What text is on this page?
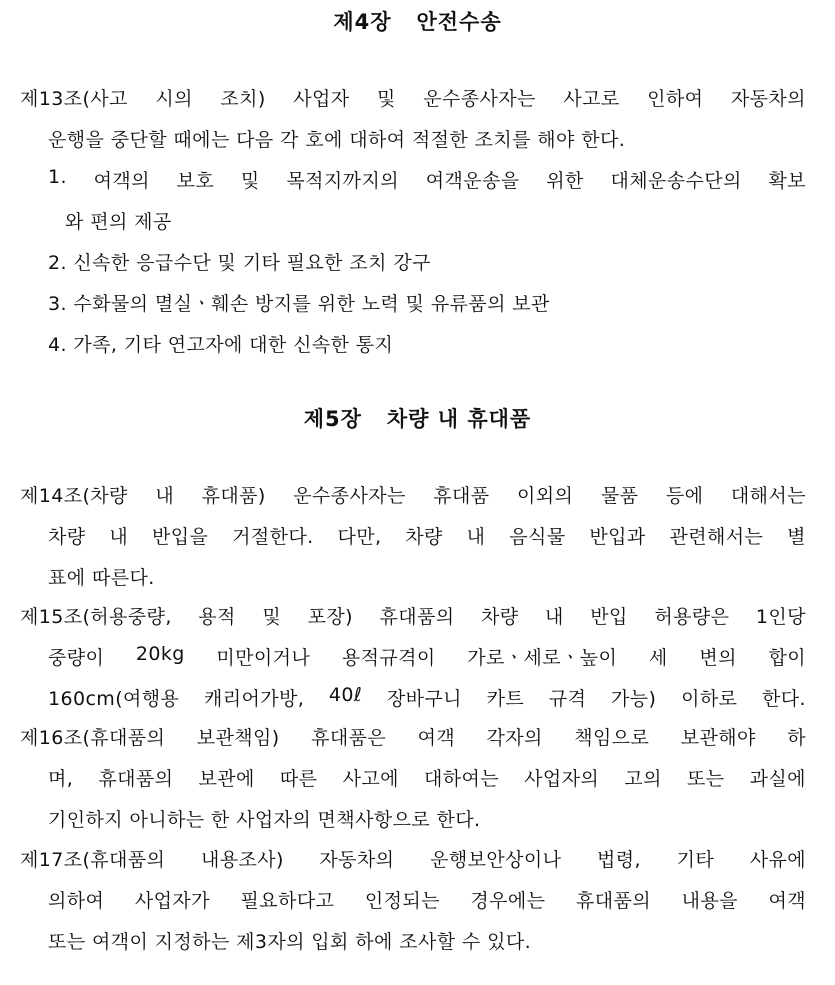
제4장   안전수송
제13조(사고 시의 조치) 사업자 및 운수종사자는 사고로 인하여 자동차의
운행을 중단할 때에는 다음 각 호에 대하여 적절한 조치를 해야 한다.
1. 여객의 보호 및 목적지까지의 여객운송을 위한 대체운송수단의 확보
와 편의 제공
2. 신속한 응급수단 및 기타 필요한 조치 강구
3. 수화물의 멸실ㆍ훼손 방지를 위한 노력 및 유류품의 보관
4. 가족, 기타 연고자에 대한 신속한 통지
제5장   차량 내 휴대품
제14조(차량 내 휴대품) 운수종사자는 휴대품 이외의 물품 등에 대해서는
차량 내 반입을 거절한다. 다만, 차량 내 음식물 반입과 관련해서는 별
표에 따른다.
제15조(허용중량, 용적 및 포장) 휴대품의 차량 내 반입 허용량은 1인당
중량이 20kg 미만이거나 용적규격이 가로ㆍ세로ㆍ높이 세 변의 합이
160cm(여행용 캐리어가방, 40ℓ 장바구니 카트 규격 가능) 이하로 한다.
제16조(휴대품의 보관책임) 휴대품은 여객 각자의 책임으로 보관해야 하
며, 휴대품의 보관에 따른 사고에 대하여는 사업자의 고의 또는 과실에
기인하지 아니하는 한 사업자의 면책사항으로 한다.
제17조(휴대품의 내용조사) 자동차의 운행보안상이나 법령, 기타 사유에
의하여 사업자가 필요하다고 인정되는 경우에는 휴대품의 내용을 여객
또는 여객이 지정하는 제3자의 입회 하에 조사할 수 있다.
